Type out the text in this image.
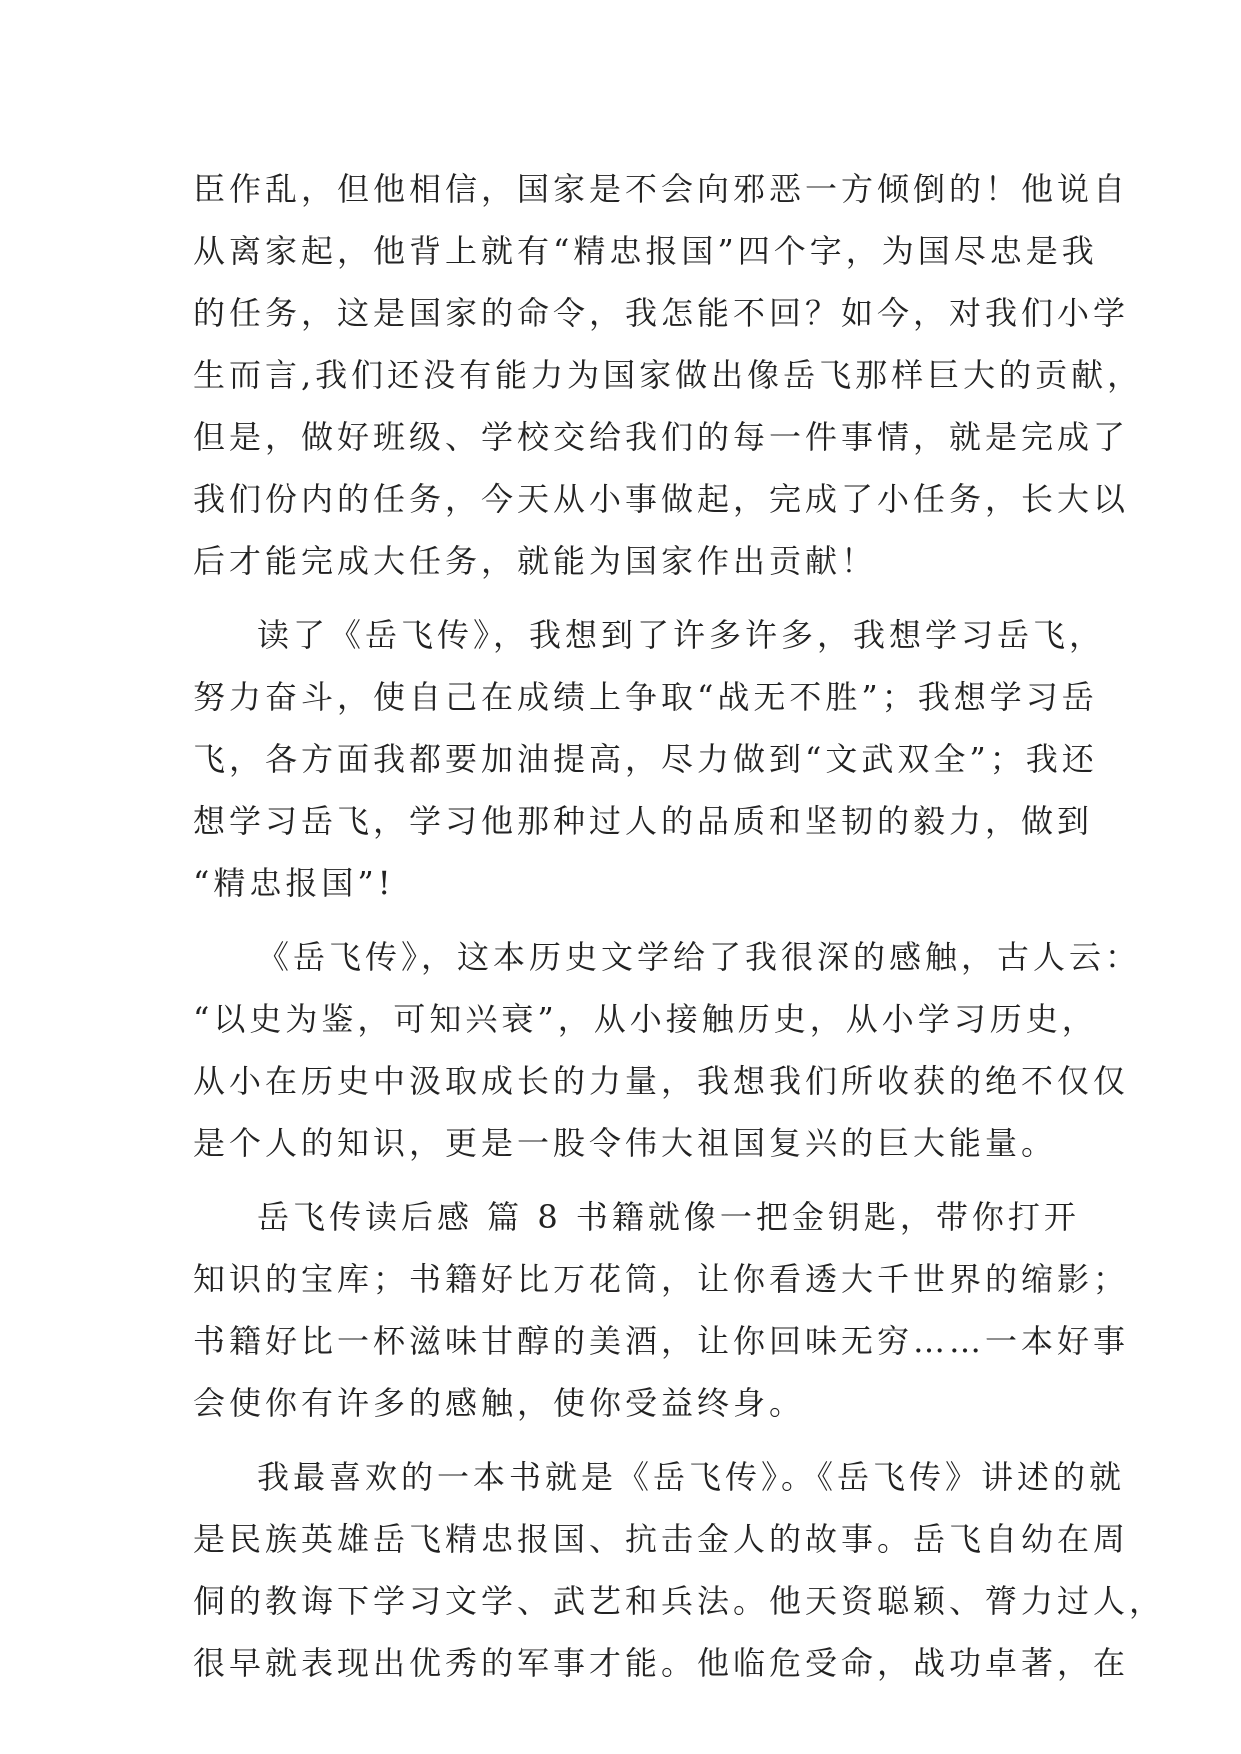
臣作乱，但他相信，国家是不会向邪恶一方倾倒的！他说自
从离家起，他背上就有“精忠报国”四个字，为国尽忠是我
的任务，这是国家的命令，我怎能不回？如今，对我们小学
生而言,我们还没有能力为国家做出像岳飞那样巨大的贡献，
但是，做好班级、学校交给我们的每一件事情，就是完成了
我们份内的任务，今天从小事做起，完成了小任务，长大以
后才能完成大任务，就能为国家作出贡献！
读了《岳飞传》，我想到了许多许多，我想学习岳飞，
努力奋斗，使自己在成绩上争取“战无不胜”；我想学习岳
飞，各方面我都要加油提高，尽力做到“文武双全”；我还
想学习岳飞，学习他那种过人的品质和坚韧的毅力，做到
“精忠报国”!
《岳飞传》，这本历史文学给了我很深的感触，古人云：
“以史为鉴，可知兴衰”，从小接触历史，从小学习历史，
从小在历史中汲取成长的力量，我想我们所收获的绝不仅仅
是个人的知识，更是一股令伟大祖国复兴的巨大能量。
岳飞传读后感 篇 8 书籍就像一把金钥匙，带你打开
知识的宝库；书籍好比万花筒，让你看透大千世界的缩影；
书籍好比一杯滋味甘醇的美酒，让你回味无穷……一本好事
会使你有许多的感触，使你受益终身。
我最喜欢的一本书就是《岳飞传》。《岳飞传》讲述的就
是民族英雄岳飞精忠报国、抗击金人的故事。岳飞自幼在周
侗的教诲下学习文学、武艺和兵法。他天资聪颖、膂力过人，
很早就表现出优秀的军事才能。他临危受命，战功卓著，在
